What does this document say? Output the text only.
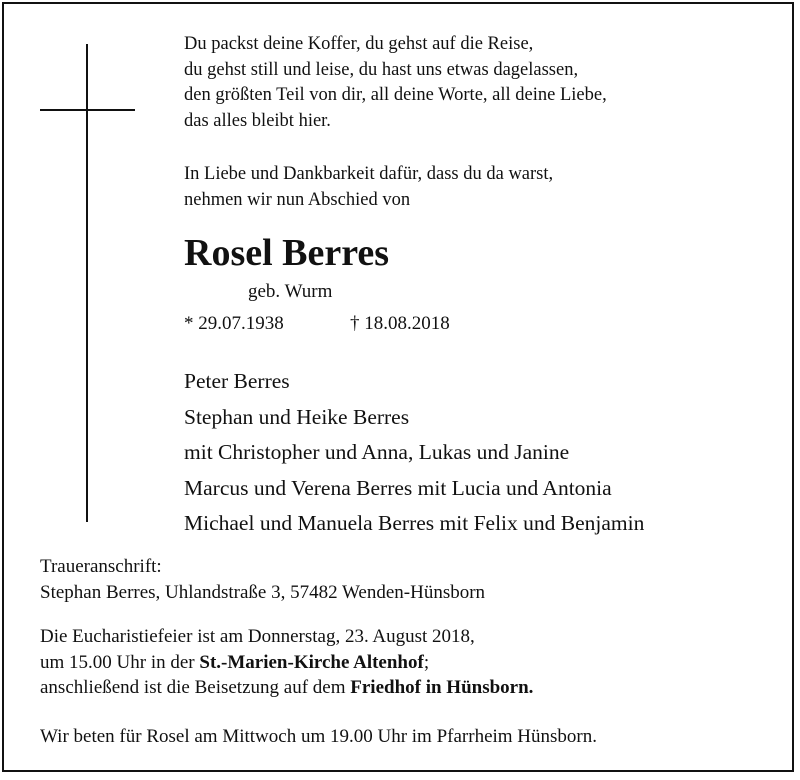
Du packst deine Koffer, du gehst auf die Reise,
du gehst still und leise, du hast uns etwas dagelassen,
den größten Teil von dir, all deine Worte, all deine Liebe,
das alles bleibt hier.
In Liebe und Dankbarkeit dafür, dass du da warst,
nehmen wir nun Abschied von
Rosel Berres
geb. Wurm
* 29.07.1938	† 18.08.2018
Peter Berres
Stephan und Heike Berres
mit Christopher und Anna, Lukas und Janine
Marcus und Verena Berres mit Lucia und Antonia
Michael und Manuela Berres mit Felix und Benjamin
Traueranschrift:
Stephan Berres, Uhlandstraße 3, 57482 Wenden-Hünsborn
Die Eucharistiefeier ist am Donnerstag, 23. August 2018,
um 15.00 Uhr in der St.-Marien-Kirche Altenhof;
anschließend ist die Beisetzung auf dem Friedhof in Hünsborn.
Wir beten für Rosel am Mittwoch um 19.00 Uhr im Pfarrheim Hünsborn.
